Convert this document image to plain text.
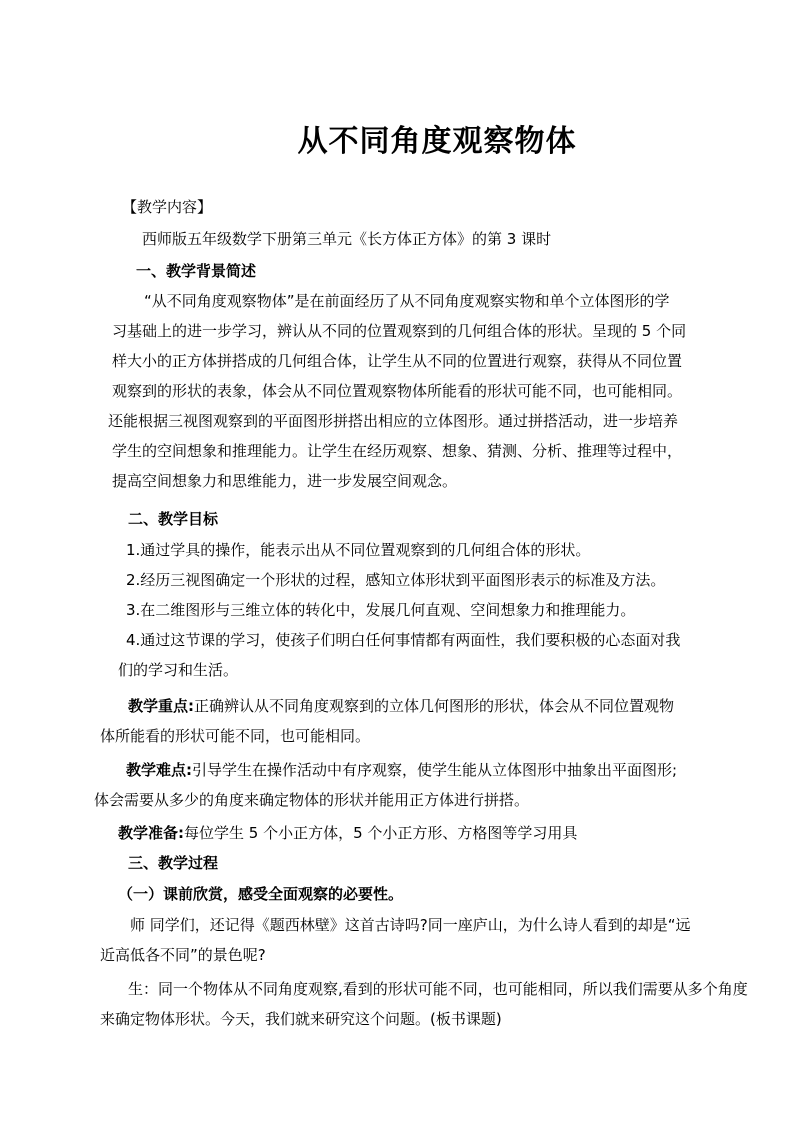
从不同角度观察物体
【教学内容】
西师版五年级数学下册第三单元《长方体正方体》的第 3 课时
一、教学背景简述
“从不同角度观察物体”是在前面经历了从不同角度观察实物和单个立体图形的学
习基础上的进一步学习，辨认从不同的位置观察到的几何组合体的形状。呈现的 5 个同
样大小的正方体拼搭成的几何组合体，让学生从不同的位置进行观察，获得从不同位置
观察到的形状的表象，体会从不同位置观察物体所能看的形状可能不同，也可能相同。
还能根据三视图观察到的平面图形拼搭出相应的立体图形。通过拼搭活动，进一步培养
学生的空间想象和推理能力。让学生在经历观察、想象、猜测、分析、推理等过程中，
提高空间想象力和思维能力，进一步发展空间观念。
二、教学目标
1.通过学具的操作，能表示出从不同位置观察到的几何组合体的形状。
2.经历三视图确定一个形状的过程，感知立体形状到平面图形表示的标准及方法。
3.在二维图形与三维立体的转化中，发展几何直观、空间想象力和推理能力。
4.通过这节课的学习，使孩子们明白任何事情都有两面性，我们要积极的心态面对我
们的学习和生活。
教学重点:正确辨认从不同角度观察到的立体几何图形的形状，体会从不同位置观物
体所能看的形状可能不同，也可能相同。
教学难点:引导学生在操作活动中有序观察，使学生能从立体图形中抽象出平面图形;
体会需要从多少的角度来确定物体的形状并能用正方体进行拼搭。
教学准备:每位学生 5 个小正方体，5 个小正方形、方格图等学习用具
三、教学过程
（一）课前欣赏，感受全面观察的必要性。
师 同学们，还记得《题西林壁》这首古诗吗?同一座庐山，为什么诗人看到的却是“远
近高低各不同”的景色呢?
生：同一个物体从不同角度观察,看到的形状可能不同，也可能相同，所以我们需要从多个角度
来确定物体形状。今天，我们就来研究这个问题。(板书课题)
